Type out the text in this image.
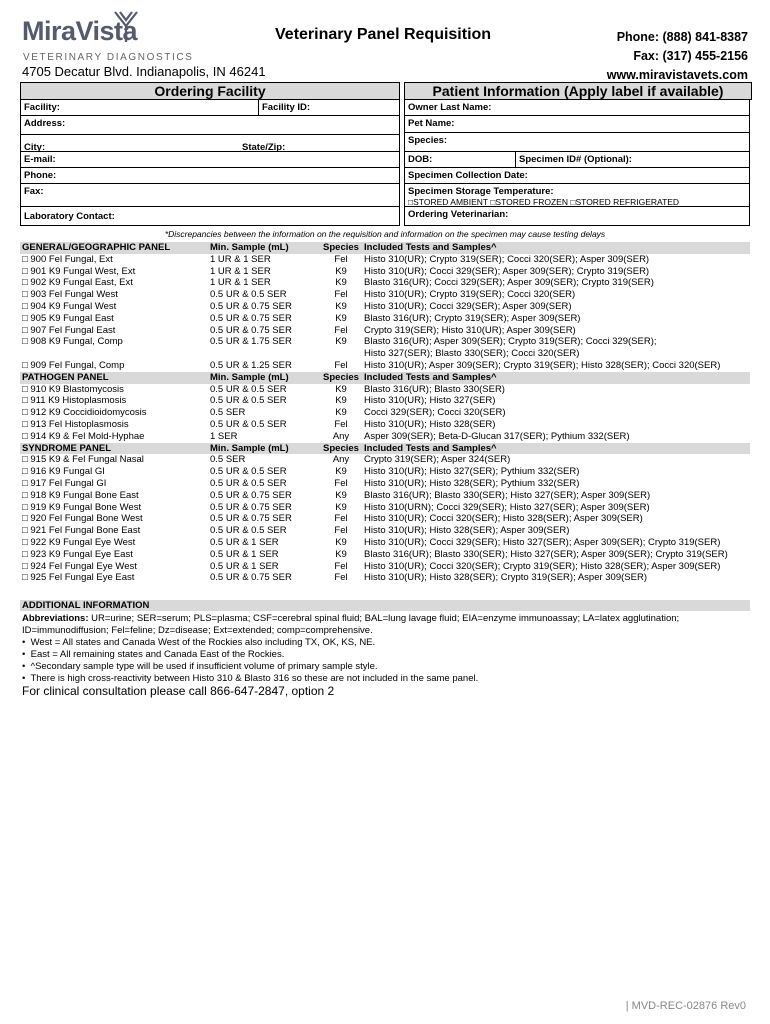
MiraVista
VETERINARY DIAGNOSTICS
4705 Decatur Blvd. Indianapolis, IN 46241
Veterinary Panel Requisition	Phone: (888) 841-8387
Fax: (317) 455-2156
www.miravistavets.com
Ordering Facility	Patient Information (Apply label if available)
Facility:	Facility ID:
Address:
City:	State/Zip:
E-mail:
Phone:
Fax:
Laboratory Contact:
Owner Last Name:
Pet Name:
Species:
DOB:	Specimen ID# (Optional):
Specimen Collection Date:
Specimen Storage Temperature:
□STORED AMBIENT □STORED FROZEN □STORED REFRIGERATED
Ordering Veterinarian:
*Discrepancies between the information on the requisition and information on the specimen may cause testing delays
GENERAL/GEOGRAPHIC PANEL	Min. Sample (mL)	Species	Included Tests and Samples^
□ 900 Fel Fungal, Ext	1 UR & 1 SER	Fel	Histo 310(UR); Crypto 319(SER); Cocci 320(SER); Asper 309(SER)
□ 901 K9 Fungal West, Ext	1 UR & 1 SER	K9	Histo 310(UR); Cocci 329(SER); Asper 309(SER); Crypto 319(SER)
□ 902 K9 Fungal East, Ext	1 UR & 1 SER	K9	Blasto 316(UR); Cocci 329(SER); Asper 309(SER); Crypto 319(SER)
□ 903 Fel Fungal West	0.5 UR & 0.5 SER	Fel	Histo 310(UR); Crypto 319(SER); Cocci 320(SER)
□ 904 K9 Fungal West	0.5 UR & 0.75 SER	K9	Histo 310(UR); Cocci 329(SER); Asper 309(SER)
□ 905 K9 Fungal East	0.5 UR & 0.75 SER	K9	Blasto 316(UR); Crypto 319(SER); Asper 309(SER)
□ 907 Fel Fungal East	0.5 UR & 0.75 SER	Fel	Crypto 319(SER); Histo 310(UR); Asper 309(SER)
□ 908 K9 Fungal, Comp	0.5 UR & 1.75 SER	K9	Blasto 316(UR); Asper 309(SER); Crypto 319(SER); Cocci 329(SER);
			Histo 327(SER); Blasto 330(SER); Cocci 320(SER)
□ 909 Fel Fungal, Comp	0.5 UR & 1.25 SER	Fel	Histo 310(UR); Asper 309(SER); Crypto 319(SER); Histo 328(SER); Cocci 320(SER)
PATHOGEN PANEL	Min. Sample (mL)	Species	Included Tests and Samples^
□ 910 K9 Blastomycosis	0.5 UR & 0.5 SER	K9	Blasto 316(UR); Blasto 330(SER)
□ 911 K9 Histoplasmosis	0.5 UR & 0.5 SER	K9	Histo 310(UR); Histo 327(SER)
□ 912 K9 Coccidioidomycosis	0.5 SER	K9	Cocci 329(SER); Cocci 320(SER)
□ 913 Fel Histoplasmosis	0.5 UR & 0.5 SER	Fel	Histo 310(UR); Histo 328(SER)
□ 914 K9 & Fel Mold-Hyphae	1 SER	Any	Asper 309(SER); Beta-D-Glucan 317(SER); Pythium 332(SER)
SYNDROME PANEL	Min. Sample (mL)	Species	Included Tests and Samples^
□ 915 K9 & Fel Fungal Nasal	0.5 SER	Any	Crypto 319(SER); Asper 324(SER)
□ 916 K9 Fungal GI	0.5 UR & 0.5 SER	K9	Histo 310(UR); Histo 327(SER); Pythium 332(SER)
□ 917 Fel Fungal GI	0.5 UR & 0.5 SER	Fel	Histo 310(UR); Histo 328(SER); Pythium 332(SER)
□ 918 K9 Fungal Bone East	0.5 UR & 0.75 SER	K9	Blasto 316(UR); Blasto 330(SER); Histo 327(SER); Asper 309(SER)
□ 919 K9 Fungal Bone West	0.5 UR & 0.75 SER	K9	Histo 310(URN); Cocci 329(SER); Histo 327(SER); Asper 309(SER)
□ 920 Fel Fungal Bone West	0.5 UR & 0.75 SER	Fel	Histo 310(UR); Cocci 320(SER); Histo 328(SER); Asper 309(SER)
□ 921 Fel Fungal Bone East	0.5 UR & 0.5 SER	Fel	Histo 310(UR); Histo 328(SER); Asper 309(SER)
□ 922 K9 Fungal Eye West	0.5 UR & 1 SER	K9	Histo 310(UR); Cocci 329(SER); Histo 327(SER); Asper 309(SER); Crypto 319(SER)
□ 923 K9 Fungal Eye East	0.5 UR & 1 SER	K9	Blasto 316(UR); Blasto 330(SER); Histo 327(SER); Asper 309(SER); Crypto 319(SER)
□ 924 Fel Fungal Eye West	0.5 UR & 1 SER	Fel	Histo 310(UR); Cocci 320(SER); Crypto 319(SER); Histo 328(SER); Asper 309(SER)
□ 925 Fel Fungal Eye East	0.5 UR & 0.75 SER	Fel	Histo 310(UR); Histo 328(SER); Crypto 319(SER); Asper 309(SER)
ADDITIONAL INFORMATION
Abbreviations: UR=urine; SER=serum; PLS=plasma; CSF=cerebral spinal fluid; BAL=lung lavage fluid; EIA=enzyme immunoassay; LA=latex agglutination;
ID=immunodiffusion; Fel=feline; Dz=disease; Ext=extended; comp=comprehensive.
•  West = All states and Canada West of the Rockies also including TX, OK, KS, NE.
•  East = All remaining states and Canada East of the Rockies.
•  ^Secondary sample type will be used if insufficient volume of primary sample style.
•  There is high cross-reactivity between Histo 310 & Blasto 316 so these are not included in the same panel.
For clinical consultation please call 866-647-2847, option 2
| MVD-REC-02876 Rev0
